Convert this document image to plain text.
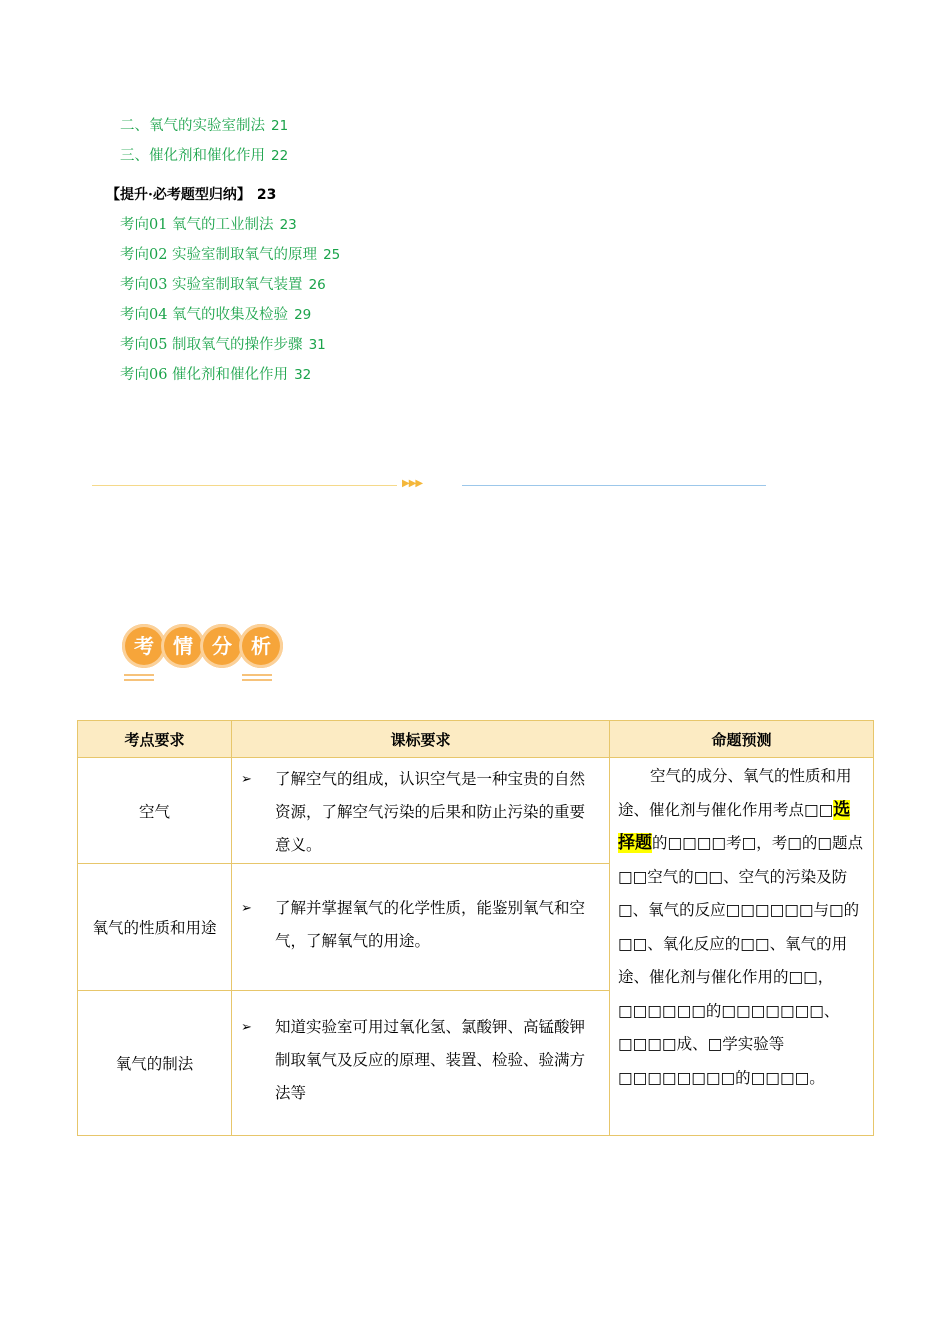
二、氧气的实验室制法 21
三、催化剂和催化作用 22
【提升·必考题型归纳】 23
考向01 氧气的工业制法 23
考向02 实验室制取氧气的原理 25
考向03 实验室制取氧气装置 26
考向04 氧气的收集及检验 29
考向05 制取氧气的操作步骤 31
考向06 催化剂和催化作用 32
▶▶▶
考 情 分 析
考点要求	课标要求	命题预测
空气	➢ 了解空气的组成，认识空气是一种宝贵的自然资源，了解空气污染的后果和防止污染的重要意义。	空气的成分、氧气的性质和用途、催化剂与催化作用考点□□选择题的□□□□考□，考□的□题点□□空气的□□、空气的污染及防□、氧气的反应□□□□□□与□的□□、氧化反应的□□、氧气的用途、催化剂与催化作用的□□，□□□□□□的□□□□□□□、□□□□成、□学实验等□□□□□□□□的□□□□。
氧气的性质和用途	➢ 了解并掌握氧气的化学性质，能鉴别氧气和空气，了解氧气的用途。	

氧气的制法	➢ 知道实验室可用过氧化氢、氯酸钾、高锰酸钾制取氧气及反应的原理、装置、检验、验满方法等	
